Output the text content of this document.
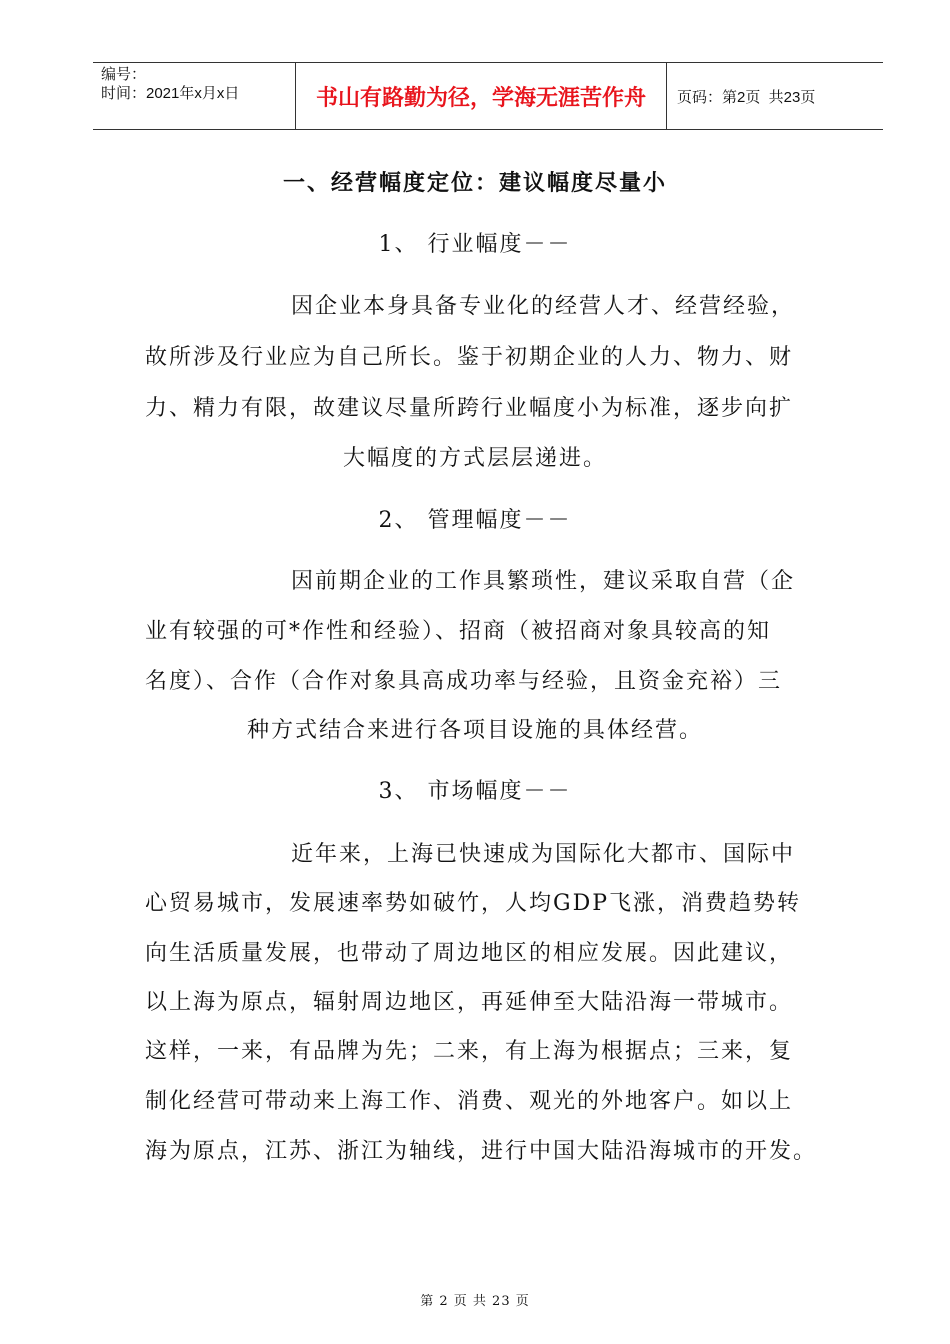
编号：
时间：2021年x月x日	书山有路勤为径，学海无涯苦作舟	页码：第2页  共23页
一、经营幅度定位：建议幅度尽量小
1、 行业幅度－－
因企业本身具备专业化的经营人才、经营经验，
故所涉及行业应为自己所长。鉴于初期企业的人力、物力、财
力、精力有限，故建议尽量所跨行业幅度小为标准，逐步向扩
大幅度的方式层层递进。
2、 管理幅度－－
因前期企业的工作具繁琐性，建议采取自营（企
业有较强的可*作性和经验）、招商（被招商对象具较高的知
名度）、合作（合作对象具高成功率与经验，且资金充裕）三
种方式结合来进行各项目设施的具体经营。
3、 市场幅度－－
近年来，上海已快速成为国际化大都市、国际中
心贸易城市，发展速率势如破竹，人均GDP飞涨，消费趋势转
向生活质量发展，也带动了周边地区的相应发展。因此建议，
以上海为原点，辐射周边地区，再延伸至大陆沿海一带城市。
这样，一来，有品牌为先；二来，有上海为根据点；三来，复
制化经营可带动来上海工作、消费、观光的外地客户。如以上
海为原点，江苏、浙江为轴线，进行中国大陆沿海城市的开发。
第 2 页 共 23 页
